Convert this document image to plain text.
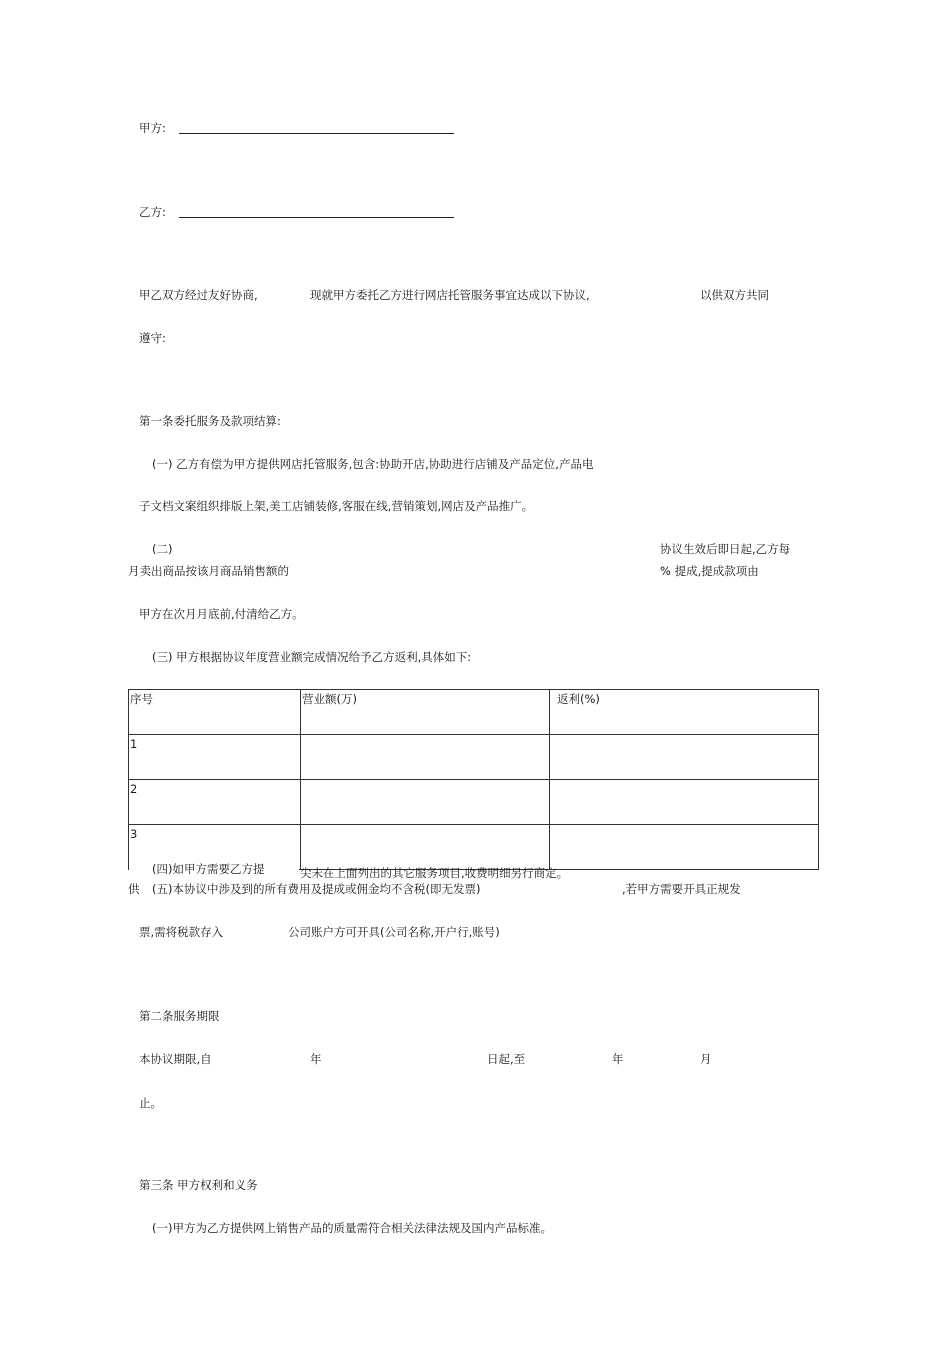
甲方:
乙方:
甲乙双方经过友好协商,	现就甲方委托乙方进行网店托管服务事宜达成以下协议,	以供双方共同
遵守:
第一条委托服务及款项结算:
(一) 乙方有偿为甲方提供网店托管服务,包含:协助开店,协助进行店铺及产品定位,产品电
子文档文案组织排版上架,美工店铺装修,客服在线,营销策划,网店及产品推广。
(二)	协议生效后即日起,乙方每
月卖出商品按该月商品销售额的	% 提成,提成款项由
甲方在次月月底前,付清给乙方。
(三) 甲方根据协议年度营业额完成情况给予乙方返利,具体如下:
序号	营业额(万)	返利(%)
1		
2		
3		
(四)如甲方需要乙方提	尖未在上面列出的其它服务项目,收费明细另行商定。
供 (五)本协议中涉及到的所有费用及提成或佣金均不含税(即无发票)	,若甲方需要开具正规发
票,需将税款存入	公司账户方可开具(公司名称,开户行,账号)
第二条服务期限
本协议期限,自	年	日起,至	年	月
止。
第三条 甲方权利和义务
(一)甲方为乙方提供网上销售产品的质量需符合相关法律法规及国内产品标准。
